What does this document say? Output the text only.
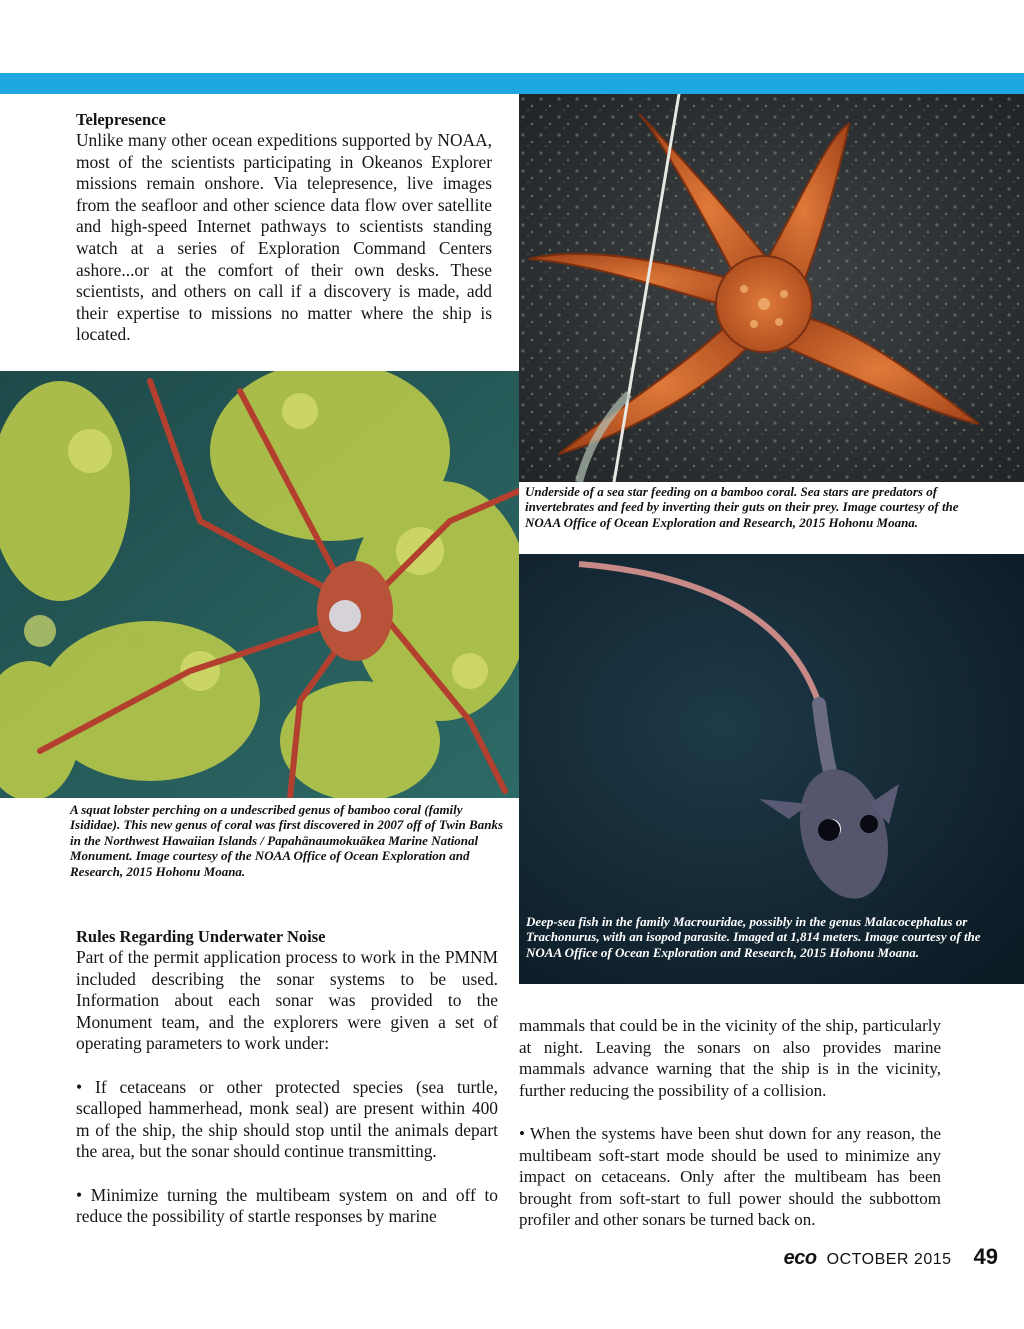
Telepresence

Unlike many other ocean expeditions supported by NOAA, most of the scientists participating in Okeanos Explorer missions remain onshore. Via telepresence, live images from the seafloor and other science data flow over satellite and high-speed Internet pathways to scientists standing watch at a series of Exploration Command Centers ashore...or at the comfort of their own desks. These scientists, and others on call if a discovery is made, add their expertise to missions no matter where the ship is located.

Underside of a sea star feeding on a bamboo coral. Sea stars are predators of invertebrates and feed by inverting their guts on their prey. Image courtesy of the NOAA Office of Ocean Exploration and Research, 2015 Hohonu Moana.
A squat lobster perching on a undescribed genus of bamboo coral (family Isididae). This new genus of coral was first discovered in 2007 off of Twin Banks in the Northwest Hawaiian Islands / Papahānaumokuākea Marine National Monument. Image courtesy of the NOAA Office of Ocean Exploration and Research, 2015 Hohonu Moana.
Deep-sea fish in the family Macrouridae, possibly in the genus Malacocephalus or Trachonurus, with an isopod parasite. Imaged at 1,814 meters. Image courtesy of the NOAA Office of Ocean Exploration and Research, 2015 Hohonu Moana.

Rules Regarding Underwater Noise

Part of the permit application process to work in the PMNM included describing the sonar systems to be used. Information about each sonar was provided to the Monument team, and the explorers were given a set of operating parameters to work under:

• If cetaceans or other protected species (sea turtle, scalloped hammerhead, monk seal) are present within 400 m of the ship, the ship should stop until the animals depart the area, but the sonar should continue transmitting.

• Minimize turning the multibeam system on and off to reduce the possibility of startle responses by marine

mammals that could be in the vicinity of the ship, particularly at night. Leaving the sonars on also provides marine mammals advance warning that the ship is in the vicinity, further reducing the possibility of a collision.

• When the systems have been shut down for any reason, the multibeam soft-start mode should be used to minimize any impact on cetaceans. Only after the multibeam has been brought from soft-start to full power should the subbottom profiler and other sonars be turned back on.

eco OCTOBER 2015 49
